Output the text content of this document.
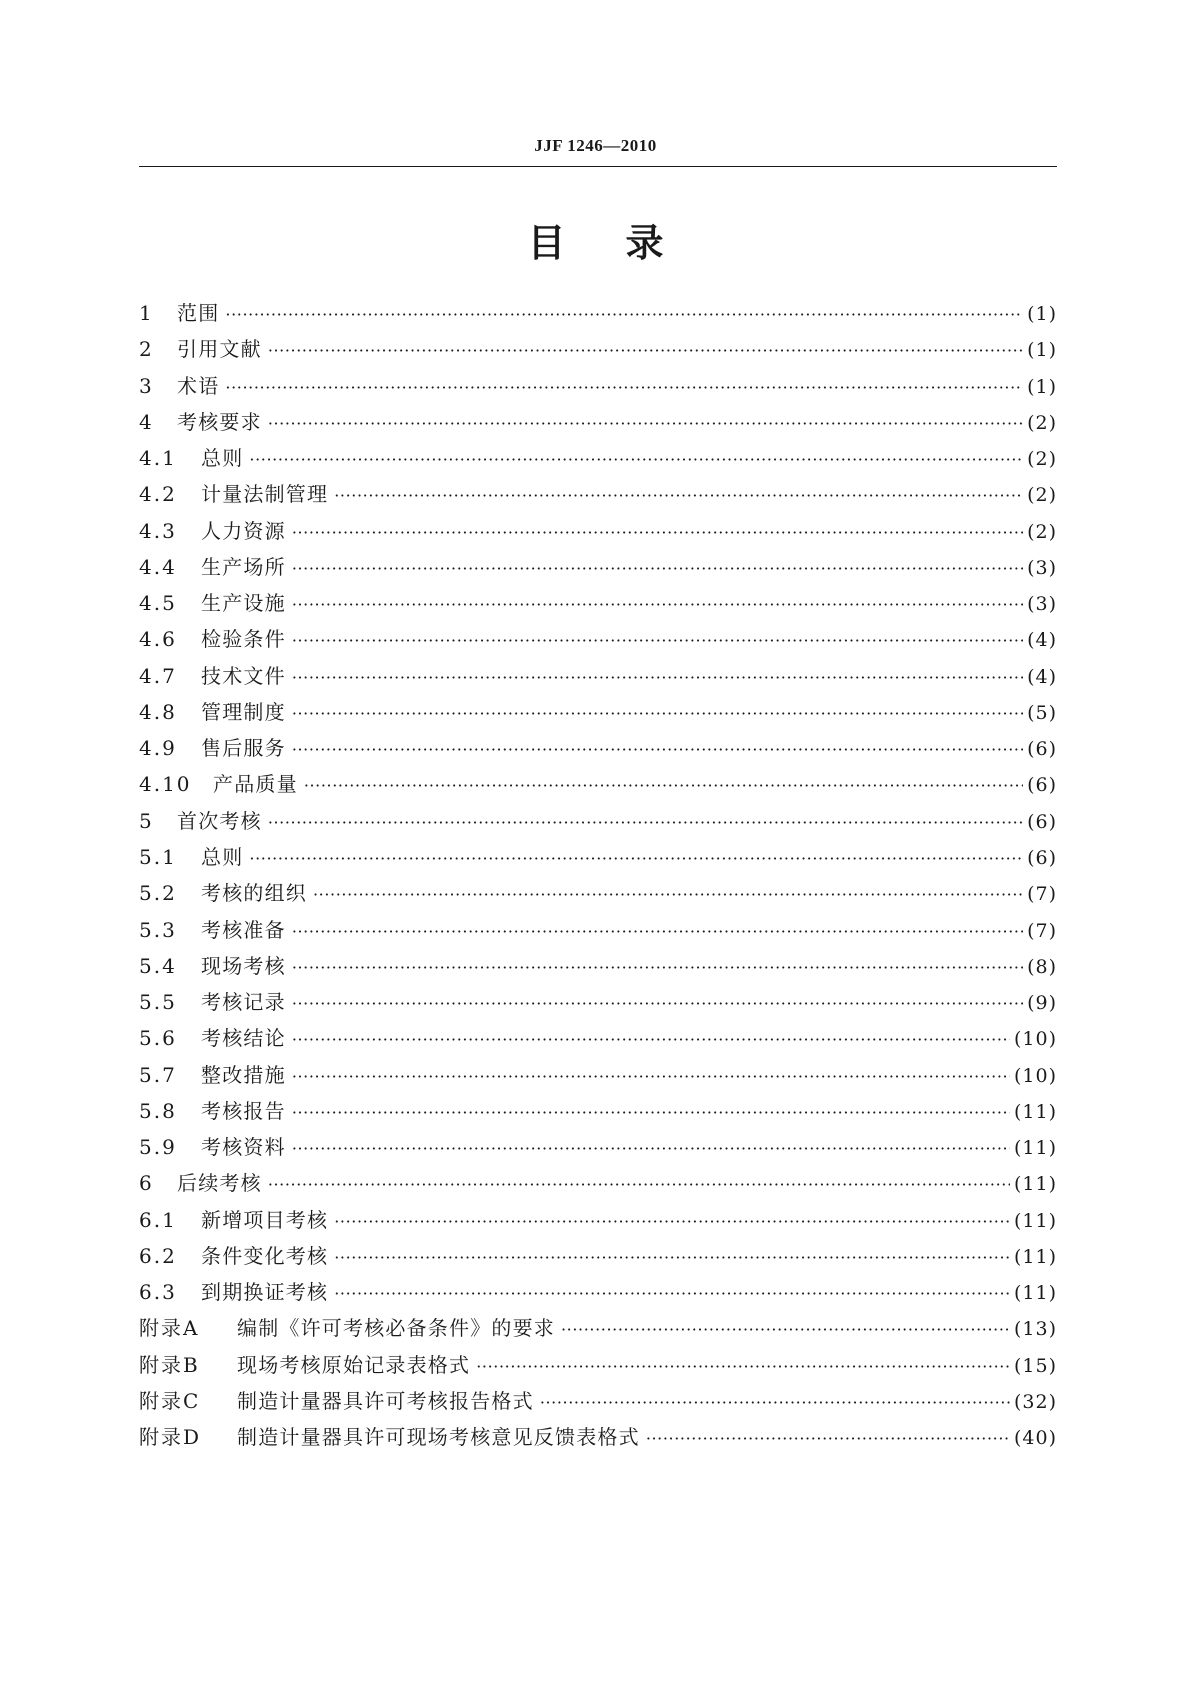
JJF 1246—2010
目录
1	范围 ·····	(1)
2	引用文献 ·····	(1)
3	术语 ·····	(1)
4	考核要求 ·····	(2)
4.1	总则 ·····	(2)
4.2	计量法制管理 ·····	(2)
4.3	人力资源 ·····	(2)
4.4	生产场所 ·····	(3)
4.5	生产设施 ·····	(3)
4.6	检验条件 ·····	(4)
4.7	技术文件 ·····	(4)
4.8	管理制度 ·····	(5)
4.9	售后服务 ·····	(6)
4.10	产品质量 ·····	(6)
5	首次考核 ·····	(6)
5.1	总则 ·····	(6)
5.2	考核的组织 ·····	(7)
5.3	考核准备 ·····	(7)
5.4	现场考核 ·····	(8)
5.5	考核记录 ·····	(9)
5.6	考核结论 ·····	(10)
5.7	整改措施 ·····	(10)
5.8	考核报告 ·····	(11)
5.9	考核资料 ·····	(11)
6	后续考核 ·····	(11)
6.1	新增项目考核 ·····	(11)
6.2	条件变化考核 ·····	(11)
6.3	到期换证考核 ·····	(11)
附录A	编制《许可考核必备条件》的要求 ·····	(13)
附录B	现场考核原始记录表格式 ·····	(15)
附录C	制造计量器具许可考核报告格式 ·····	(32)
附录D	制造计量器具许可现场考核意见反馈表格式 ·····	(40)
